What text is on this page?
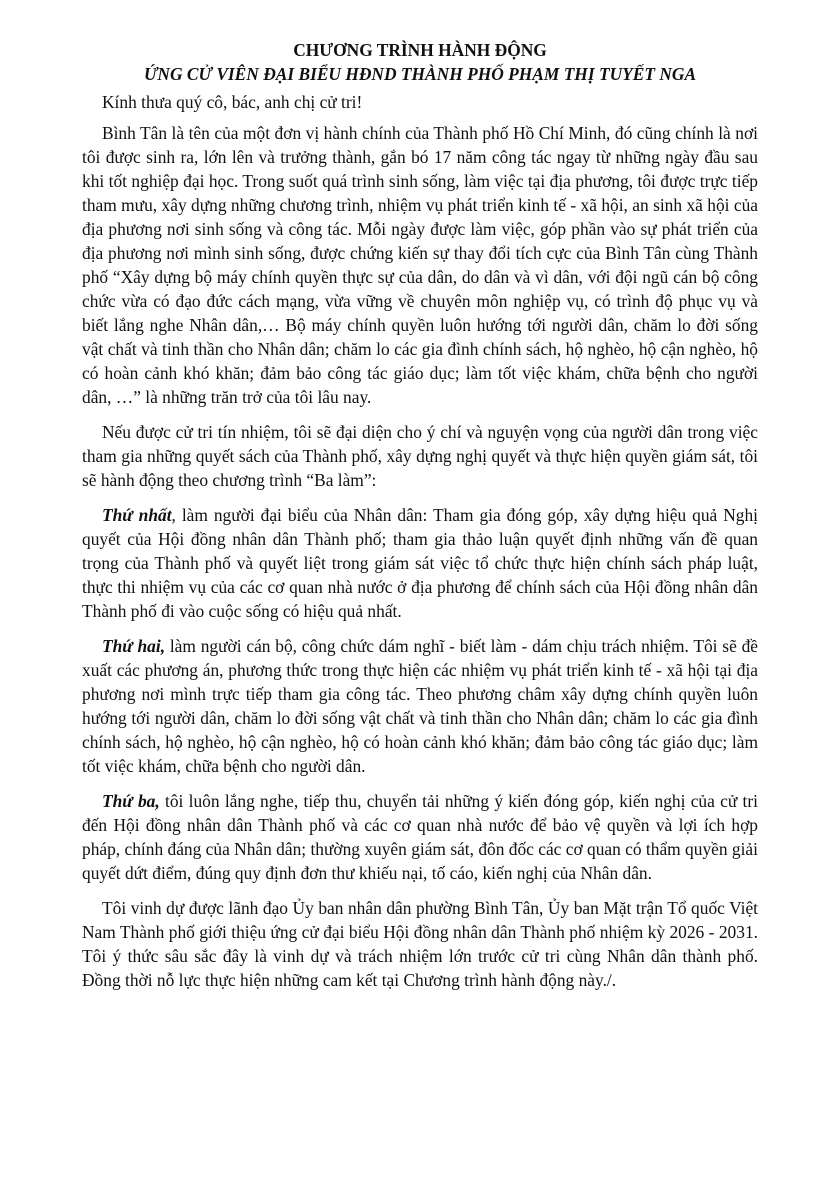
CHƯƠNG TRÌNH HÀNH ĐỘNG
ỨNG CỬ VIÊN ĐẠI BIỂU HĐND THÀNH PHỐ PHẠM THỊ TUYẾT NGA

Kính thưa quý cô, bác, anh chị cử tri!

Bình Tân là tên của một đơn vị hành chính của Thành phố Hồ Chí Minh, đó cũng chính là nơi tôi được sinh ra, lớn lên và trưởng thành, gắn bó 17 năm công tác ngay từ những ngày đầu sau khi tốt nghiệp đại học. Trong suốt quá trình sinh sống, làm việc tại địa phương, tôi được trực tiếp tham mưu, xây dựng những chương trình, nhiệm vụ phát triển kinh tế - xã hội, an sinh xã hội của địa phương nơi sinh sống và công tác. Mỗi ngày được làm việc, góp phần vào sự phát triển của địa phương nơi mình sinh sống, được chứng kiến sự thay đổi tích cực của Bình Tân cùng Thành phố “Xây dựng bộ máy chính quyền thực sự của dân, do dân và vì dân, với đội ngũ cán bộ công chức vừa có đạo đức cách mạng, vừa vững về chuyên môn nghiệp vụ, có trình độ phục vụ và biết lắng nghe Nhân dân,… Bộ máy chính quyền luôn hướng tới người dân, chăm lo đời sống vật chất và tinh thần cho Nhân dân; chăm lo các gia đình chính sách, hộ nghèo, hộ cận nghèo, hộ có hoàn cảnh khó khăn; đảm bảo công tác giáo dục; làm tốt việc khám, chữa bệnh cho người dân, …” là những trăn trở của tôi lâu nay.

Nếu được cử tri tín nhiệm, tôi sẽ đại diện cho ý chí và nguyện vọng của người dân trong việc tham gia những quyết sách của Thành phố, xây dựng nghị quyết và thực hiện quyền giám sát, tôi sẽ hành động theo chương trình “Ba làm”:

Thứ nhất, làm người đại biểu của Nhân dân: Tham gia đóng góp, xây dựng hiệu quả Nghị quyết của Hội đồng nhân dân Thành phố; tham gia thảo luận quyết định những vấn đề quan trọng của Thành phố và quyết liệt trong giám sát việc tổ chức thực hiện chính sách pháp luật, thực thi nhiệm vụ của các cơ quan nhà nước ở địa phương để chính sách của Hội đồng nhân dân Thành phố đi vào cuộc sống có hiệu quả nhất.

Thứ hai, làm người cán bộ, công chức dám nghĩ - biết làm - dám chịu trách nhiệm. Tôi sẽ đề xuất các phương án, phương thức trong thực hiện các nhiệm vụ phát triển kinh tế - xã hội tại địa phương nơi mình trực tiếp tham gia công tác. Theo phương châm xây dựng chính quyền luôn hướng tới người dân, chăm lo đời sống vật chất và tinh thần cho Nhân dân; chăm lo các gia đình chính sách, hộ nghèo, hộ cận nghèo, hộ có hoàn cảnh khó khăn; đảm bảo công tác giáo dục; làm tốt việc khám, chữa bệnh cho người dân.

Thứ ba, tôi luôn lắng nghe, tiếp thu, chuyển tải những ý kiến đóng góp, kiến nghị của cử tri đến Hội đồng nhân dân Thành phố và các cơ quan nhà nước để bảo vệ quyền và lợi ích hợp pháp, chính đáng của Nhân dân; thường xuyên giám sát, đôn đốc các cơ quan có thẩm quyền giải quyết dứt điểm, đúng quy định đơn thư khiếu nại, tố cáo, kiến nghị của Nhân dân.

Tôi vinh dự được lãnh đạo Ủy ban nhân dân phường Bình Tân, Ủy ban Mặt trận Tổ quốc Việt Nam Thành phố giới thiệu ứng cử đại biểu Hội đồng nhân dân Thành phố nhiệm kỳ 2026 - 2031. Tôi ý thức sâu sắc đây là vinh dự và trách nhiệm lớn trước cử tri cùng Nhân dân thành phố. Đồng thời nỗ lực thực hiện những cam kết tại Chương trình hành động này./.
